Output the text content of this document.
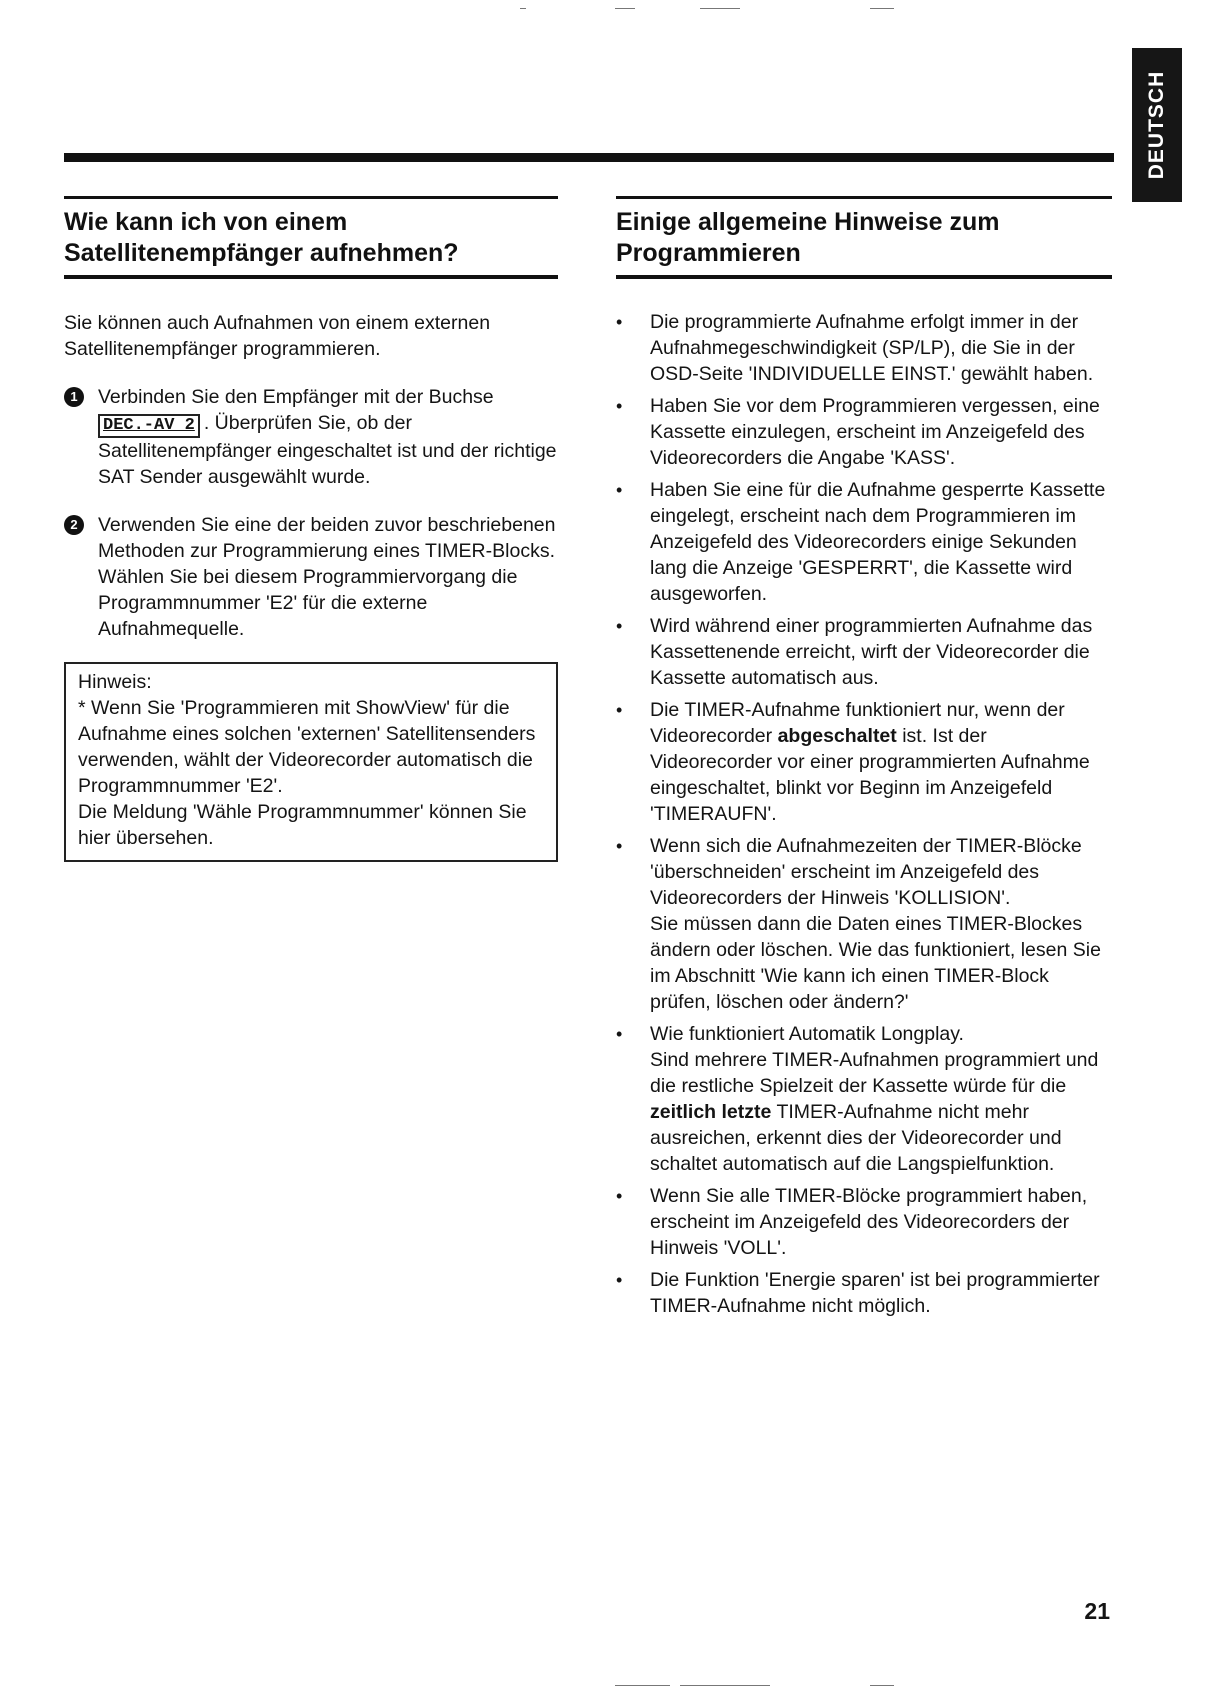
DEUTSCH
Wie kann ich von einem
Satellitenempfänger aufnehmen?

Sie können auch Aufnahmen von einem externen Satellitenempfänger programmieren.

1	Verbinden Sie den Empfänger mit der Buchse
DEC.-AV 2 . Überprüfen Sie, ob der Satellitenempfänger eingeschaltet ist und der richtige SAT Sender ausgewählt wurde.
2	Verwenden Sie eine der beiden zuvor beschriebenen Methoden zur Programmierung eines TIMER-Blocks. Wählen Sie bei diesem Programmiervorgang die Programmnummer 'E2' für die externe Aufnahmequelle.
Hinweis:
* Wenn Sie 'Programmieren mit ShowView' für die Aufnahme eines solchen 'externen' Satellitensenders verwenden, wählt der Videorecorder automatisch die Programmnummer 'E2'.
Die Meldung 'Wähle Programmnummer' können Sie hier übersehen.
Einige allgemeine Hinweise zum
Programmieren
• Die programmierte Aufnahme erfolgt immer in der Aufnahmegeschwindigkeit (SP/LP), die Sie in der OSD-Seite 'INDIVIDUELLE EINST.' gewählt haben.
• Haben Sie vor dem Programmieren vergessen, eine Kassette einzulegen, erscheint im Anzeigefeld des Videorecorders die Angabe 'KASS'.
• Haben Sie eine für die Aufnahme gesperrte Kassette eingelegt, erscheint nach dem Programmieren im Anzeigefeld des Videorecorders einige Sekunden lang die Anzeige 'GESPERRT', die Kassette wird ausgeworfen.
• Wird während einer programmierten Aufnahme das Kassettenende erreicht, wirft der Videorecorder die Kassette automatisch aus.
• Die TIMER-Aufnahme funktioniert nur, wenn der Videorecorder abgeschaltet ist. Ist der Videorecorder vor einer programmierten Aufnahme eingeschaltet, blinkt vor Beginn im Anzeigefeld 'TIMERAUFN'.
• Wenn sich die Aufnahmezeiten der TIMER-Blöcke 'überschneiden' erscheint im Anzeigefeld des Videorecorders der Hinweis 'KOLLISION'.
Sie müssen dann die Daten eines TIMER-Blockes ändern oder löschen. Wie das funktioniert, lesen Sie im Abschnitt 'Wie kann ich einen TIMER-Block prüfen, löschen oder ändern?'
• Wie funktioniert Automatik Longplay.
Sind mehrere TIMER-Aufnahmen programmiert und die restliche Spielzeit der Kassette würde für die zeitlich letzte TIMER-Aufnahme nicht mehr ausreichen, erkennt dies der Videorecorder und schaltet automatisch auf die Langspielfunktion.
• Wenn Sie alle TIMER-Blöcke programmiert haben, erscheint im Anzeigefeld des Videorecorders der Hinweis 'VOLL'.
• Die Funktion 'Energie sparen' ist bei programmierter TIMER-Aufnahme nicht möglich.
21
